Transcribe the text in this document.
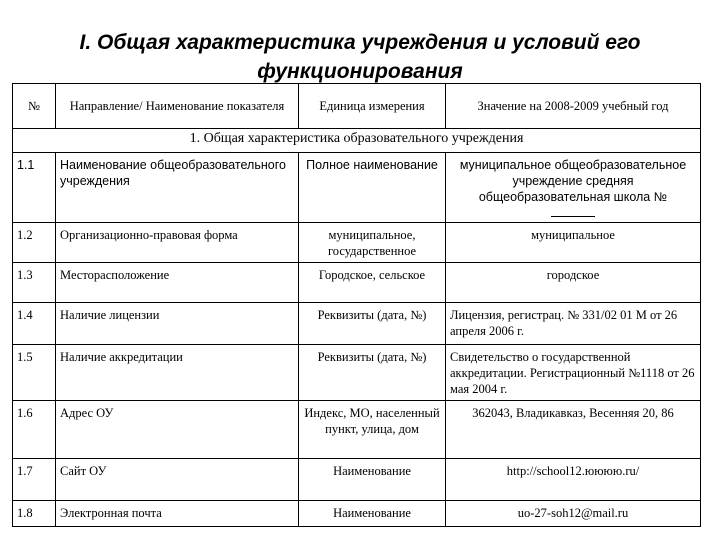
I. Общая характеристика учреждения и условий его
функционирования
№	Направление/ Наименование показателя	Единица измерения	Значение на 2008-2009 учебный год
1. Общая характеристика образовательного учреждения			
1.1	Наименование общеобразовательного учреждения	Полное наименование	муниципальное общеобразовательное учреждение средняя общеобразовательная школа №

1.2	Организационно-правовая форма	муниципальное, государственное	муниципальное
1.3	Месторасположение	Городское, сельское	городское
1.4	Наличие лицензии	Реквизиты (дата, №)	Лицензия, регистрац. № 331/02 01 М от 26 апреля 2006 г.
1.5	Наличие аккредитации	Реквизиты (дата, №)	Свидетельство о государственной аккредитации. Регистрационный №1118 от 26 мая 2004 г.
1.6	Адрес ОУ	Индекс, МО, населенный пункт, улица, дом	362043, Владикавказ, Весенняя 20, 86
1.7	Сайт ОУ	Наименование	http://school12.юююю.ru/
1.8	Электронная почта	Наименование	uo-27-soh12@mail.ru
